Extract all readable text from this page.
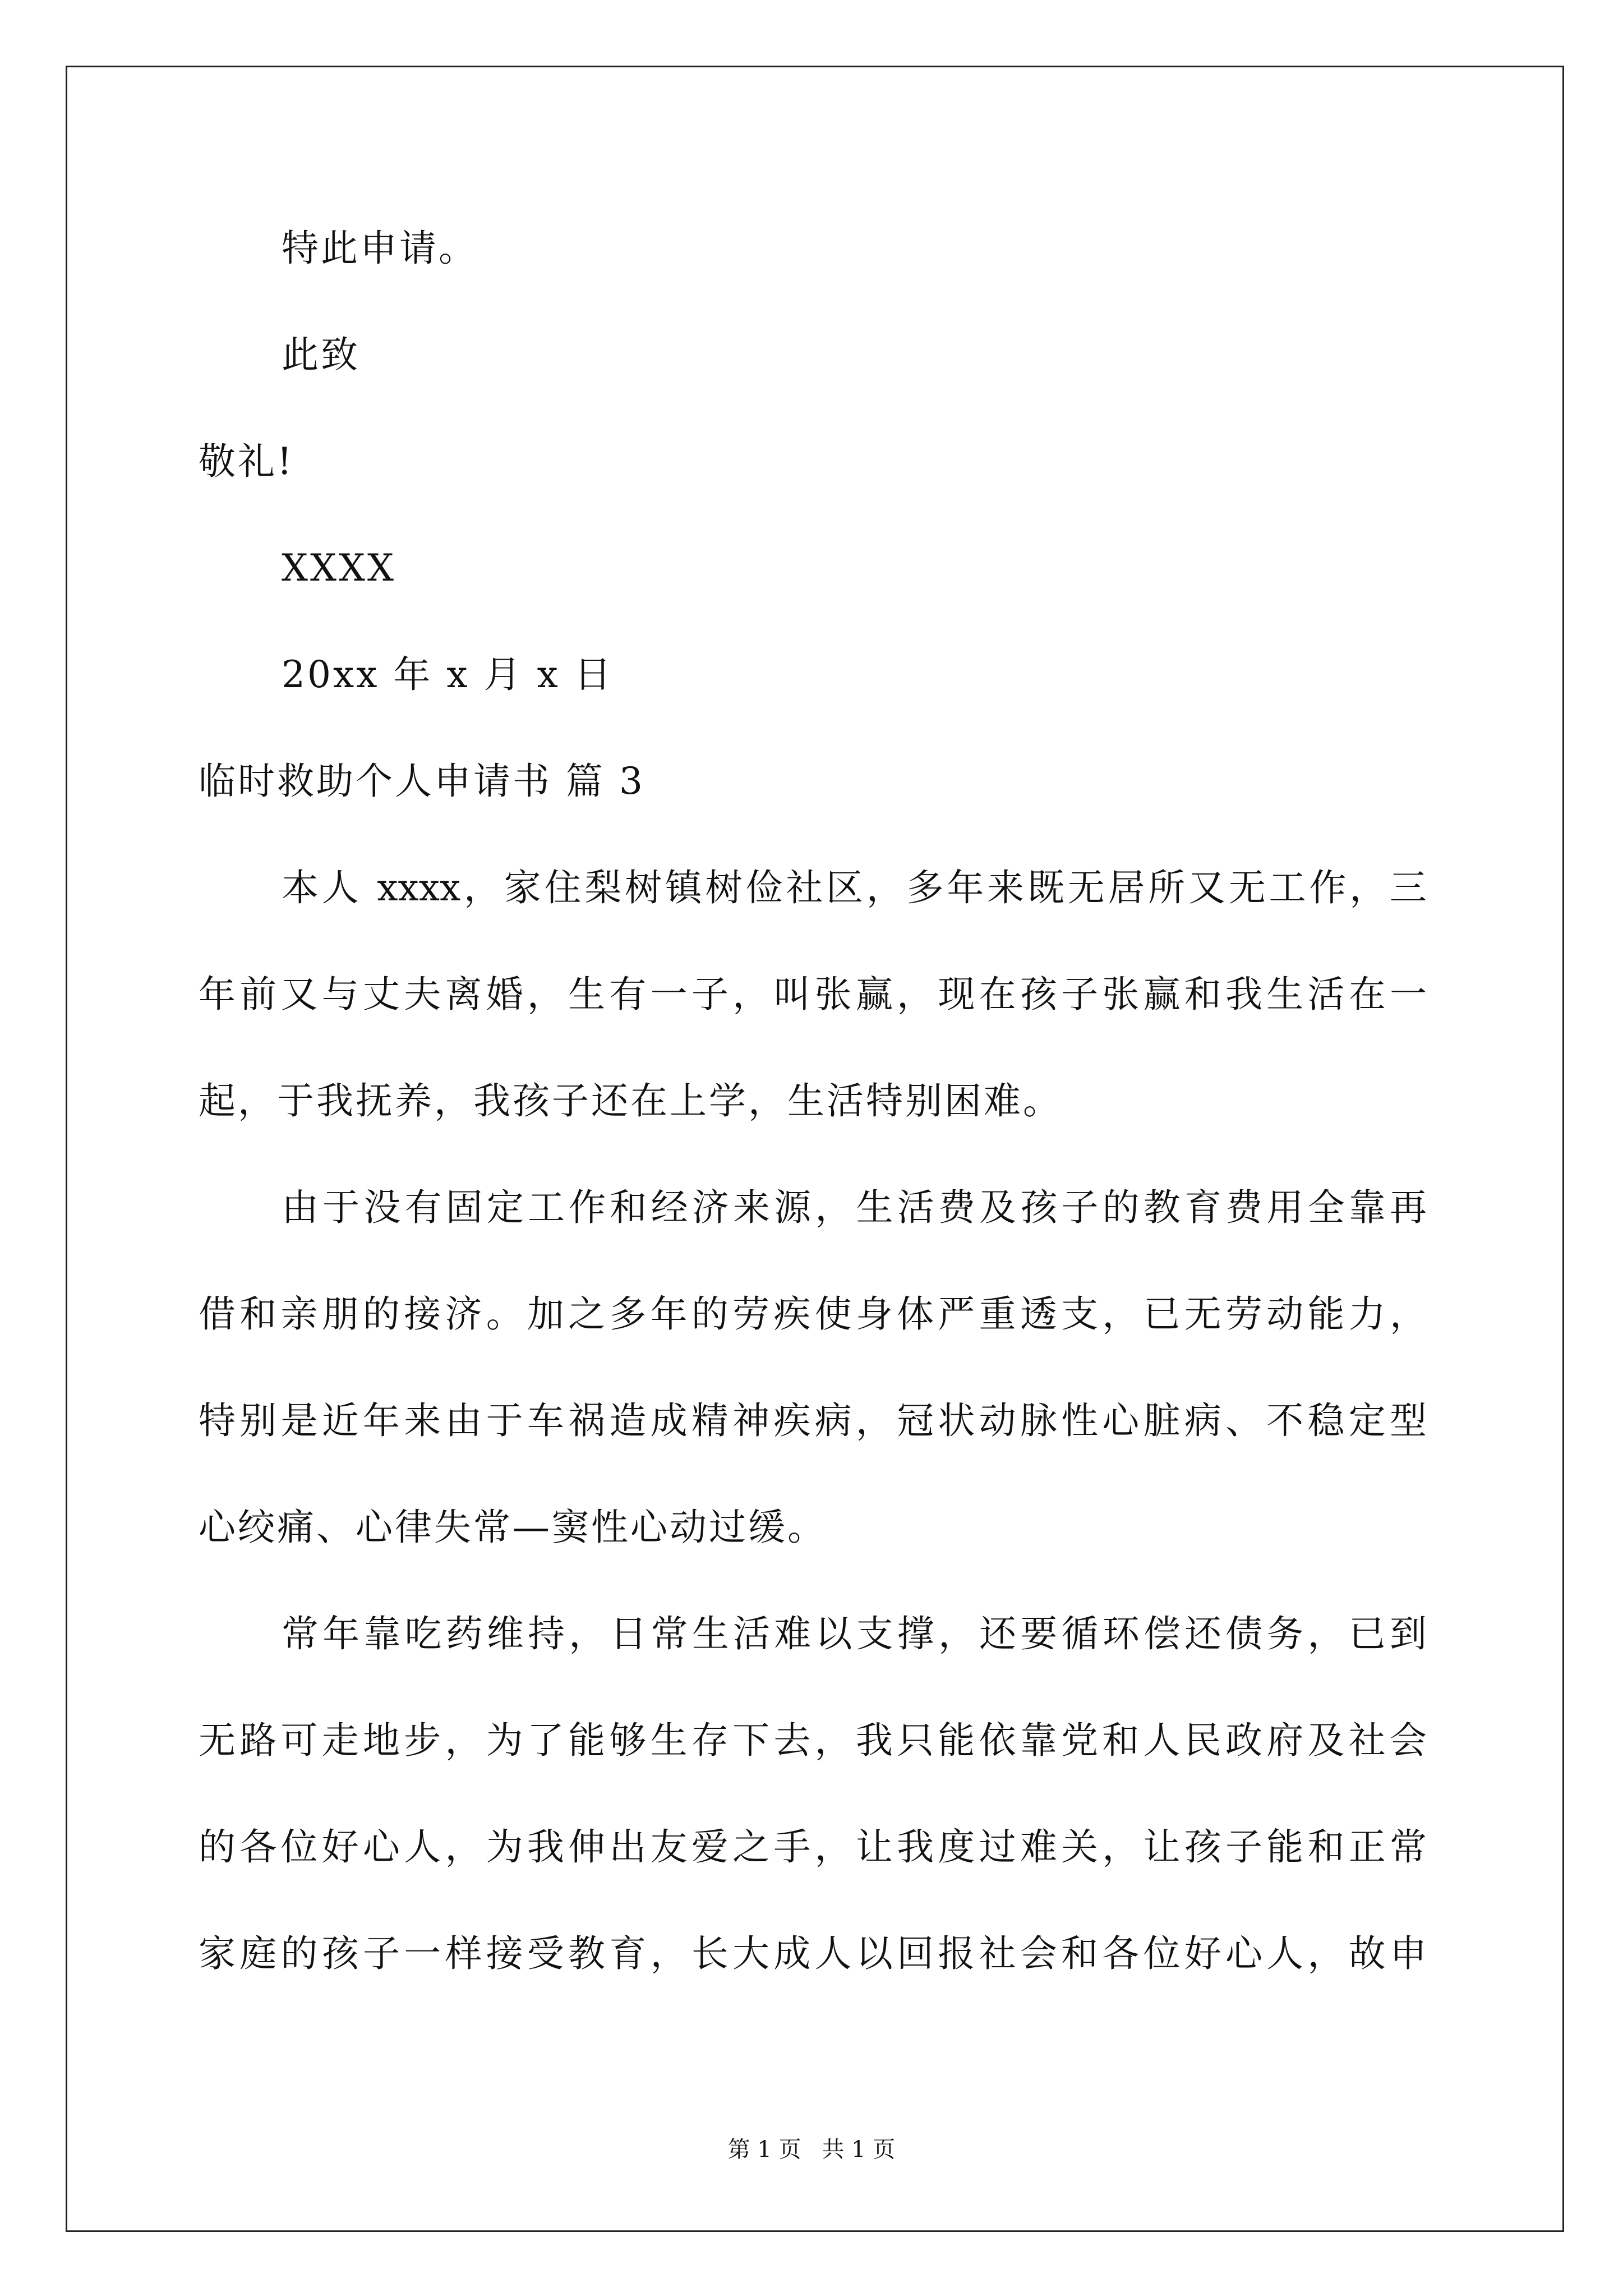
特此申请。
此致
敬礼!
XXXX
20xx 年 x 月 x 日
临时救助个人申请书 篇 3
本人 xxxx，家住梨树镇树俭社区，多年来既无居所又无工作，三
年前又与丈夫离婚，生有一子，叫张赢，现在孩子张赢和我生活在一
起，于我抚养，我孩子还在上学，生活特别困难。
由于没有固定工作和经济来源，生活费及孩子的教育费用全靠再
借和亲朋的接济。加之多年的劳疾使身体严重透支，已无劳动能力，
特别是近年来由于车祸造成精神疾病，冠状动脉性心脏病、不稳定型
心绞痛、心律失常—窦性心动过缓。
常年靠吃药维持，日常生活难以支撑，还要循环偿还债务，已到
无路可走地步，为了能够生存下去，我只能依靠党和人民政府及社会
的各位好心人，为我伸出友爱之手，让我度过难关，让孩子能和正常
家庭的孩子一样接受教育，长大成人以回报社会和各位好心人，故申
第 1 页 共 1 页
